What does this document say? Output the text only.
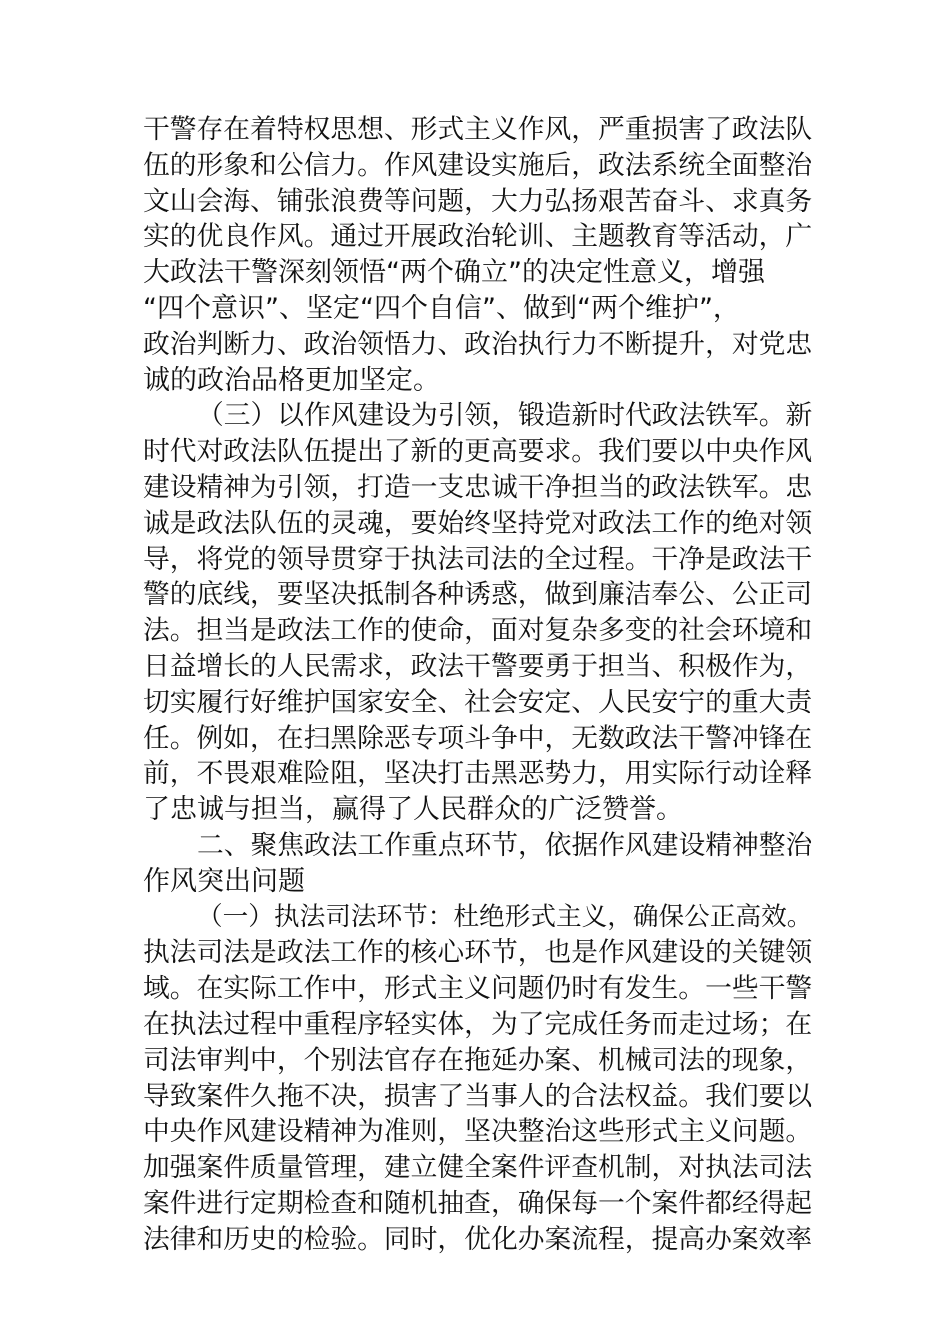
干警存在着特权思想、形式主义作风，严重损害了政法队
伍的形象和公信力。作风建设实施后，政法系统全面整治
文山会海、铺张浪费等问题，大力弘扬艰苦奋斗、求真务
实的优良作风。通过开展政治轮训、主题教育等活动，广
大政法干警深刻领悟“两个确立”的决定性意义，增强
“四个意识”、坚定“四个自信”、做到“两个维护”，
政治判断力、政治领悟力、政治执行力不断提升，对党忠
诚的政治品格更加坚定。
（三）以作风建设为引领，锻造新时代政法铁军。新
时代对政法队伍提出了新的更高要求。我们要以中央作风
建设精神为引领，打造一支忠诚干净担当的政法铁军。忠
诚是政法队伍的灵魂，要始终坚持党对政法工作的绝对领
导，将党的领导贯穿于执法司法的全过程。干净是政法干
警的底线，要坚决抵制各种诱惑，做到廉洁奉公、公正司
法。担当是政法工作的使命，面对复杂多变的社会环境和
日益增长的人民需求，政法干警要勇于担当、积极作为，
切实履行好维护国家安全、社会安定、人民安宁的重大责
任。例如，在扫黑除恶专项斗争中，无数政法干警冲锋在
前，不畏艰难险阻，坚决打击黑恶势力，用实际行动诠释
了忠诚与担当，赢得了人民群众的广泛赞誉。
二、聚焦政法工作重点环节，依据作风建设精神整治
作风突出问题
（一）执法司法环节：杜绝形式主义，确保公正高效。
执法司法是政法工作的核心环节，也是作风建设的关键领
域。在实际工作中，形式主义问题仍时有发生。一些干警
在执法过程中重程序轻实体，为了完成任务而走过场；在
司法审判中，个别法官存在拖延办案、机械司法的现象，
导致案件久拖不决，损害了当事人的合法权益。我们要以
中央作风建设精神为准则，坚决整治这些形式主义问题。
加强案件质量管理，建立健全案件评查机制，对执法司法
案件进行定期检查和随机抽查，确保每一个案件都经得起
法律和历史的检验。同时，优化办案流程，提高办案效率
